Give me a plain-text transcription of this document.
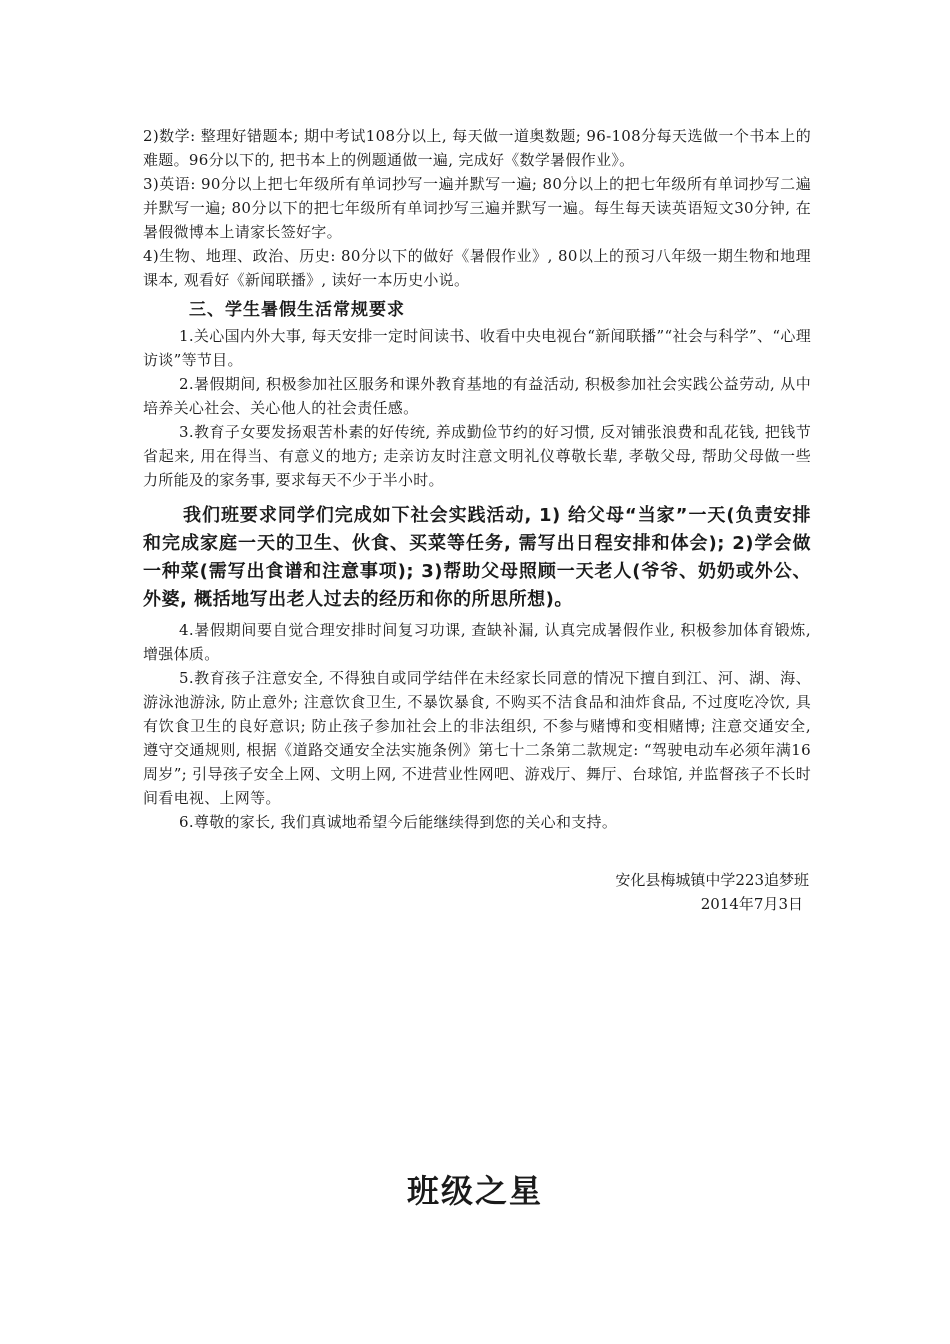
2)数学: 整理好错题本; 期中考试108分以上, 每天做一道奥数题; 96-108分每天选做一个书本上的难题。96分以下的, 把书本上的例题通做一遍, 完成好《数学暑假作业》。

3)英语: 90分以上把七年级所有单词抄写一遍并默写一遍; 80分以上的把七年级所有单词抄写二遍并默写一遍; 80分以下的把七年级所有单词抄写三遍并默写一遍。每生每天读英语短文30分钟, 在暑假微博本上请家长签好字。

4)生物、地理、政治、历史: 80分以下的做好《暑假作业》, 80以上的预习八年级一期生物和地理课本, 观看好《新闻联播》, 读好一本历史小说。

三、学生暑假生活常规要求

1.关心国内外大事, 每天安排一定时间读书、收看中央电视台“新闻联播”“社会与科学”、“心理访谈”等节目。

2.暑假期间, 积极参加社区服务和课外教育基地的有益活动, 积极参加社会实践公益劳动, 从中培养关心社会、关心他人的社会责任感。

3.教育子女要发扬艰苦朴素的好传统, 养成勤俭节约的好习惯, 反对铺张浪费和乱花钱, 把钱节省起来, 用在得当、有意义的地方; 走亲访友时注意文明礼仪尊敬长辈, 孝敬父母, 帮助父母做一些力所能及的家务事, 要求每天不少于半小时。

我们班要求同学们完成如下社会实践活动, 1) 给父母“当家”一天(负责安排和完成家庭一天的卫生、伙食、买菜等任务, 需写出日程安排和体会); 2)学会做一种菜(需写出食谱和注意事项); 3)帮助父母照顾一天老人(爷爷、奶奶或外公、外婆, 概括地写出老人过去的经历和你的所思所想)。

4.暑假期间要自觉合理安排时间复习功课, 查缺补漏, 认真完成暑假作业, 积极参加体育锻炼, 增强体质。

5.教育孩子注意安全, 不得独自或同学结伴在未经家长同意的情况下擅自到江、河、湖、海、游泳池游泳, 防止意外; 注意饮食卫生, 不暴饮暴食, 不购买不洁食品和油炸食品, 不过度吃冷饮, 具有饮食卫生的良好意识; 防止孩子参加社会上的非法组织, 不参与赌博和变相赌博; 注意交通安全, 遵守交通规则, 根据《道路交通安全法实施条例》第七十二条第二款规定: “驾驶电动车必须年满16周岁”; 引导孩子安全上网、文明上网, 不进营业性网吧、游戏厅、舞厅、台球馆, 并监督孩子不长时间看电视、上网等。

6.尊敬的家长, 我们真诚地希望今后能继续得到您的关心和支持。

安化县梅城镇中学223追梦班

2014年7月3日

班级之星
